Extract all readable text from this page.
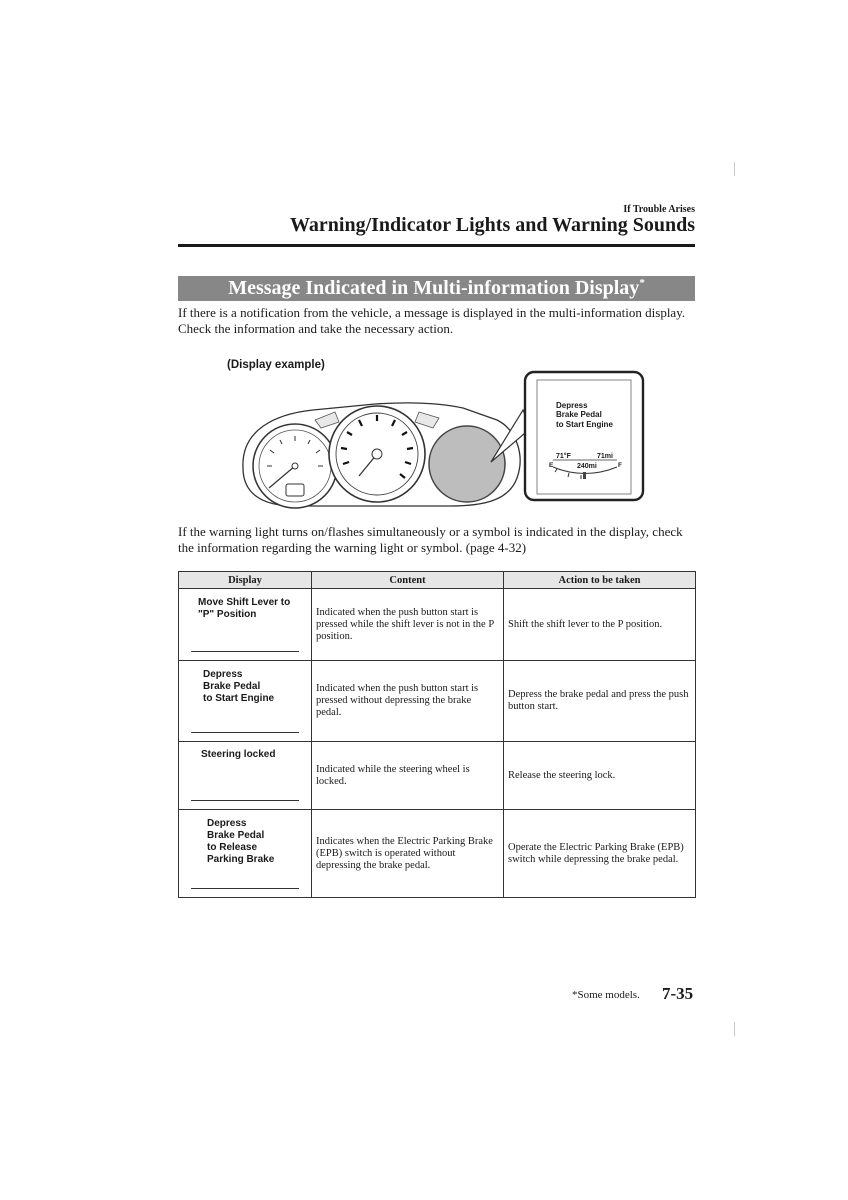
If Trouble Arises
Warning/Indicator Lights and Warning Sounds
Message Indicated in Multi-information Display*
If there is a notification from the vehicle, a message is displayed in the multi-information display. Check the information and take the necessary action.
(Display example)
Depress
Brake Pedal
to Start Engine
71°F	71mi
E	F
240mi
If the warning light turns on/flashes simultaneously or a symbol is indicated in the display, check the information regarding the warning light or symbol. (page 4-32)
Display	Content	Action to be taken

Move Shift Lever to
"P" Position	Indicated when the push button start is pressed while the shift lever is not in the P position.	Shift the shift lever to the P position.

Depress
Brake Pedal
to Start Engine	Indicated when the push button start is pressed without depressing the brake pedal.	Depress the brake pedal and press the push button start.

Steering locked	Indicated while the steering wheel is locked.	Release the steering lock.

Depress
Brake Pedal
to Release
Parking Brake	Indicates when the Electric Parking Brake (EPB) switch is operated without depressing the brake pedal.	Operate the Electric Parking Brake (EPB) switch while depressing the brake pedal.
*Some models. 7-35
